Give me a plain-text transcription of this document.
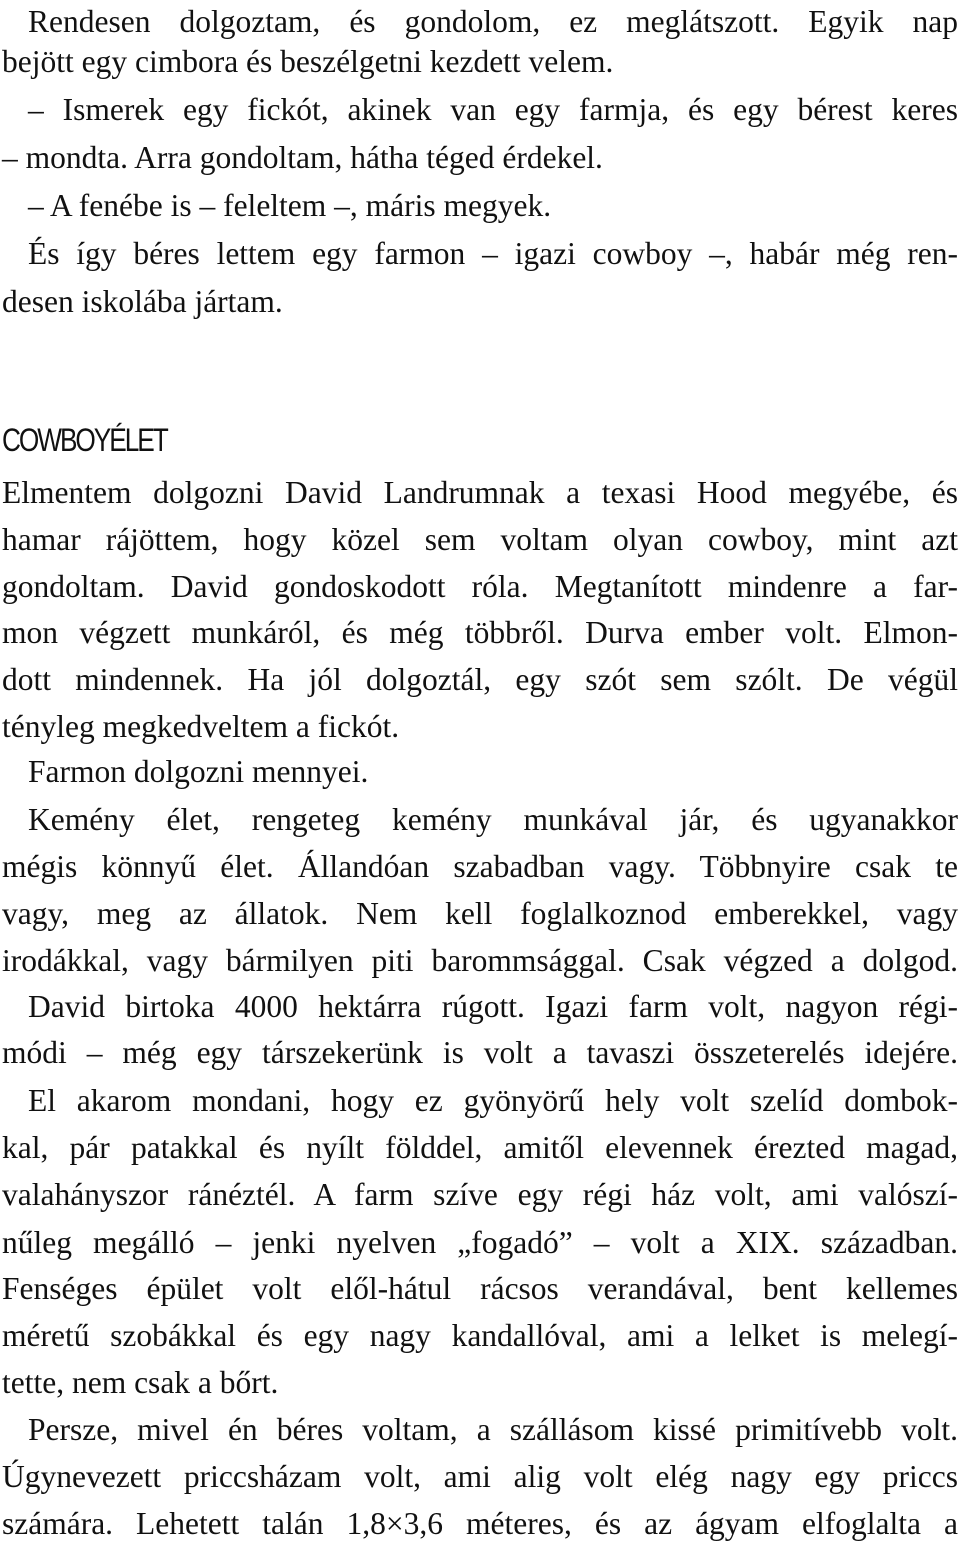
Rendesen dolgoztam, és gondolom, ez meglátszott. Egyik nap
bejött egy cimbora és beszélgetni kezdett velem.
– Ismerek egy fickót, akinek van egy farmja, és egy bérest keres
– mondta. Arra gondoltam, hátha téged érdekel.
– A fenébe is – feleltem –, máris megyek.
És így béres lettem egy farmon – igazi cowboy –, habár még ren-
desen iskolába jártam.
COWBOYÉLET
Elmentem dolgozni David Landrumnak a texasi Hood megyébe, és
hamar rájöttem, hogy közel sem voltam olyan cowboy, mint azt
gondoltam. David gondoskodott róla. Megtanított mindenre a far-
mon végzett munkáról, és még többről. Durva ember volt. Elmon-
dott mindennek. Ha jól dolgoztál, egy szót sem szólt. De végül
tényleg megkedveltem a fickót.
Farmon dolgozni mennyei.
Kemény élet, rengeteg kemény munkával jár, és ugyanakkor
mégis könnyű élet. Állandóan szabadban vagy. Többnyire csak te
vagy, meg az állatok. Nem kell foglalkoznod emberekkel, vagy
irodákkal, vagy bármilyen piti barommsággal. Csak végzed a dolgod.
David birtoka 4000 hektárra rúgott. Igazi farm volt, nagyon régi-
módi – még egy társzekerünk is volt a tavaszi összeterelés idejére.
El akarom mondani, hogy ez gyönyörű hely volt szelíd dombok-
kal, pár patakkal és nyílt földdel, amitől elevennek érezted magad,
valahányszor ránéztél. A farm szíve egy régi ház volt, ami valószí-
nűleg megálló – jenki nyelven „fogadó” – volt a XIX. században.
Fenséges épület volt elől-hátul rácsos verandával, bent kellemes
méretű szobákkal és egy nagy kandallóval, ami a lelket is melegí-
tette, nem csak a bőrt.
Persze, mivel én béres voltam, a szállásom kissé primitívebb volt.
Úgynevezett priccsházam volt, ami alig volt elég nagy egy priccs
számára. Lehetett talán 1,8×3,6 méteres, és az ágyam elfoglalta a
